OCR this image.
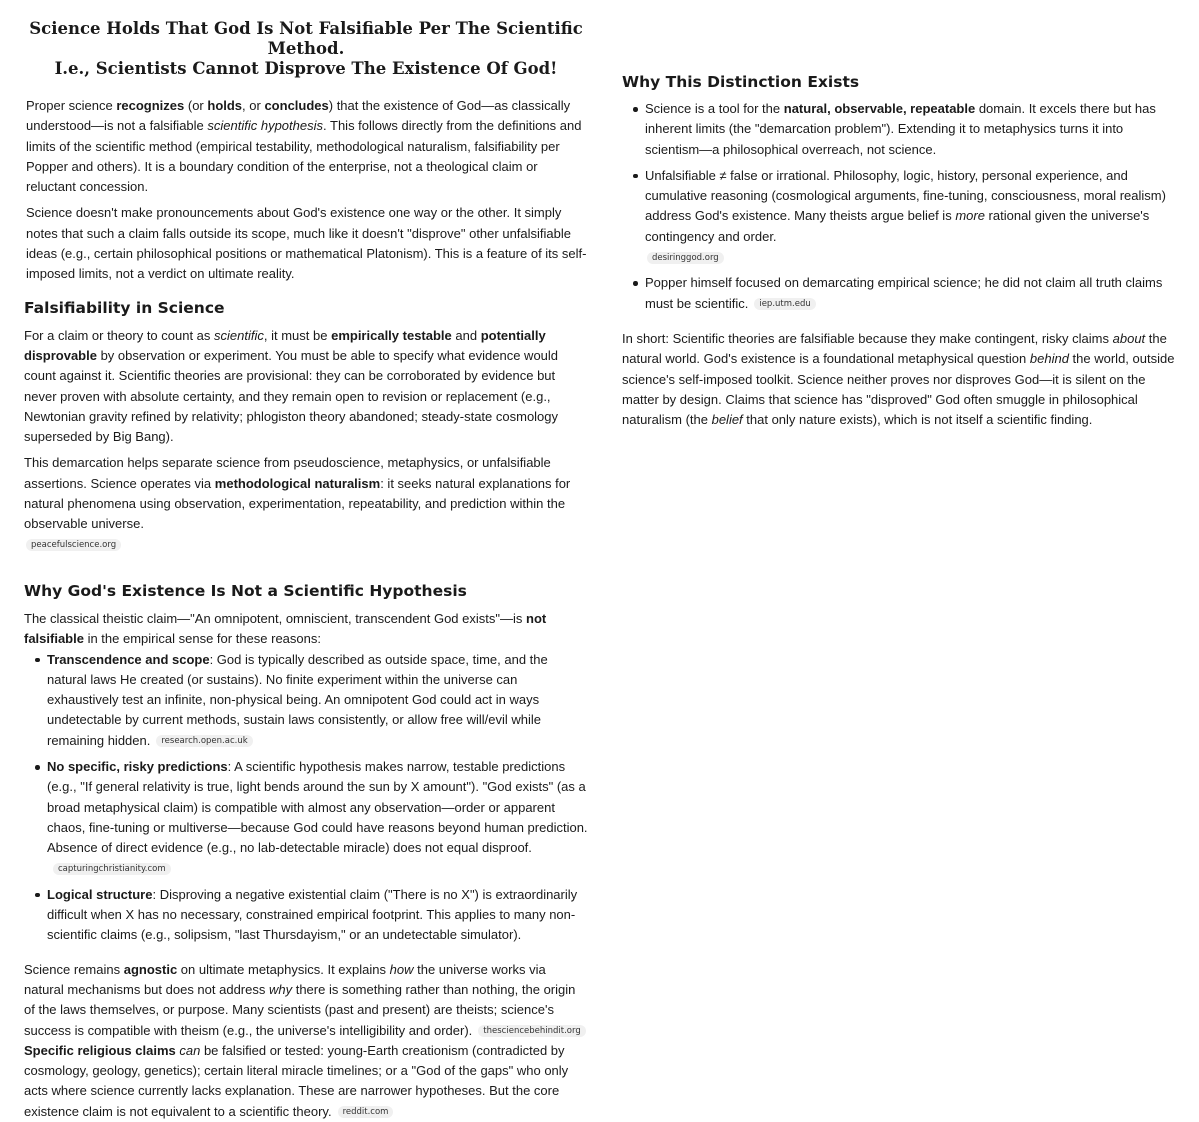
Science Holds That God Is Not Falsifiable Per The Scientific Method.
I.e., Scientists Cannot Disprove The Existence Of God!

Proper science recognizes (or holds, or concludes) that the existence of God—as classically understood—is not a falsifiable scientific hypothesis. This follows directly from the definitions and limits of the scientific method (empirical testability, methodological naturalism, falsifiability per Popper and others). It is a boundary condition of the enterprise, not a theological claim or reluctant concession.

Science doesn't make pronouncements about God's existence one way or the other. It simply notes that such a claim falls outside its scope, much like it doesn't "disprove" other unfalsifiable ideas (e.g., certain philosophical positions or mathematical Platonism). This is a feature of its self-imposed limits, not a verdict on ultimate reality.

Falsifiability in Science

For a claim or theory to count as scientific, it must be empirically testable and potentially disprovable by observation or experiment. You must be able to specify what evidence would count against it. Scientific theories are provisional: they can be corroborated by evidence but never proven with absolute certainty, and they remain open to revision or replacement (e.g., Newtonian gravity refined by relativity; phlogiston theory abandoned; steady-state cosmology superseded by Big Bang).

This demarcation helps separate science from pseudoscience, metaphysics, or unfalsifiable assertions. Science operates via methodological naturalism: it seeks natural explanations for natural phenomena using observation, experimentation, repeatability, and prediction within the observable universe.
peacefulscience.org

Why God's Existence Is Not a Scientific Hypothesis

The classical theistic claim—"An omnipotent, omniscient, transcendent God exists"—is not falsifiable in the empirical sense for these reasons:

Transcendence and scope: God is typically described as outside space, time, and the natural laws He created (or sustains). No finite experiment within the universe can exhaustively test an infinite, non-physical being. An omnipotent God could act in ways undetectable by current methods, sustain laws consistently, or allow free will/evil while remaining hidden. research.open.ac.uk
No specific, risky predictions: A scientific hypothesis makes narrow, testable predictions (e.g., "If general relativity is true, light bends around the sun by X amount"). "God exists" (as a broad metaphysical claim) is compatible with almost any observation—order or apparent chaos, fine-tuning or multiverse—because God could have reasons beyond human prediction. Absence of direct evidence (e.g., no lab-detectable miracle) does not equal disproof.capturingchristianity.com
Logical structure: Disproving a negative existential claim ("There is no X") is extraordinarily difficult when X has no necessary, constrained empirical footprint. This applies to many non-scientific claims (e.g., solipsism, "last Thursdayism," or an undetectable simulator).

Science remains agnostic on ultimate metaphysics. It explains how the universe works via natural mechanisms but does not address why there is something rather than nothing, the origin of the laws themselves, or purpose. Many scientists (past and present) are theists; science's success is compatible with theism (e.g., the universe's intelligibility and order). thesciencebehindit.org

Specific religious claims can be falsified or tested: young-Earth creationism (contradicted by cosmology, geology, genetics); certain literal miracle timelines; or a "God of the gaps" who only acts where science currently lacks explanation. These are narrower hypotheses. But the core existence claim is not equivalent to a scientific theory. reddit.com

Why This Distinction Exists
Science is a tool for the natural, observable, repeatable domain. It excels there but has inherent limits (the "demarcation problem"). Extending it to metaphysics turns it into scientism—a philosophical overreach, not science.
Unfalsifiable ≠ false or irrational. Philosophy, logic, history, personal experience, and cumulative reasoning (cosmological arguments, fine-tuning, consciousness, moral realism) address God's existence. Many theists argue belief is more rational given the universe's contingency and order.
desiringgod.org
Popper himself focused on demarcating empirical science; he did not claim all truth claims must be scientific. iep.utm.edu

In short: Scientific theories are falsifiable because they make contingent, risky claims about the natural world. God's existence is a foundational metaphysical question behind the world, outside science's self-imposed toolkit. Science neither proves nor disproves God—it is silent on the matter by design. Claims that science has "disproved" God often smuggle in philosophical naturalism (the belief that only nature exists), which is not itself a scientific finding.
